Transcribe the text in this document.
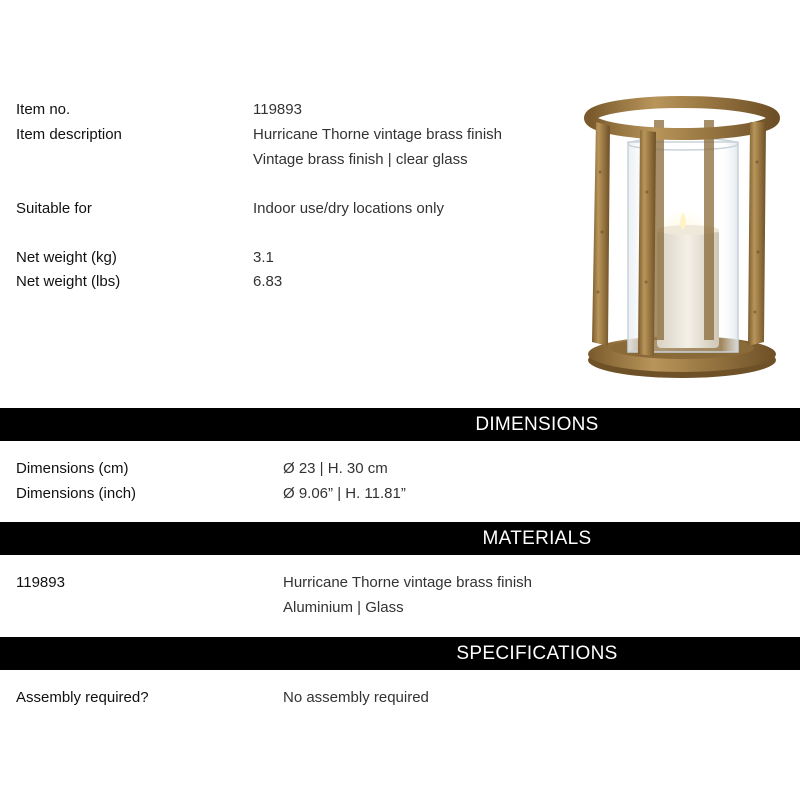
Item no.	119893
Item description	Hurricane Thorne vintage brass finish
Vintage brass finish | clear glass
Suitable for	Indoor use/dry locations only
Net weight (kg)	3.1
Net weight (lbs)	6.83
DIMENSIONS
Dimensions (cm)	Ø 23 | H. 30 cm
Dimensions (inch)	Ø 9.06” | H. 11.81”
MATERIALS
119893	Hurricane Thorne vintage brass finish
Aluminium | Glass
SPECIFICATIONS
Assembly required?	No assembly required
